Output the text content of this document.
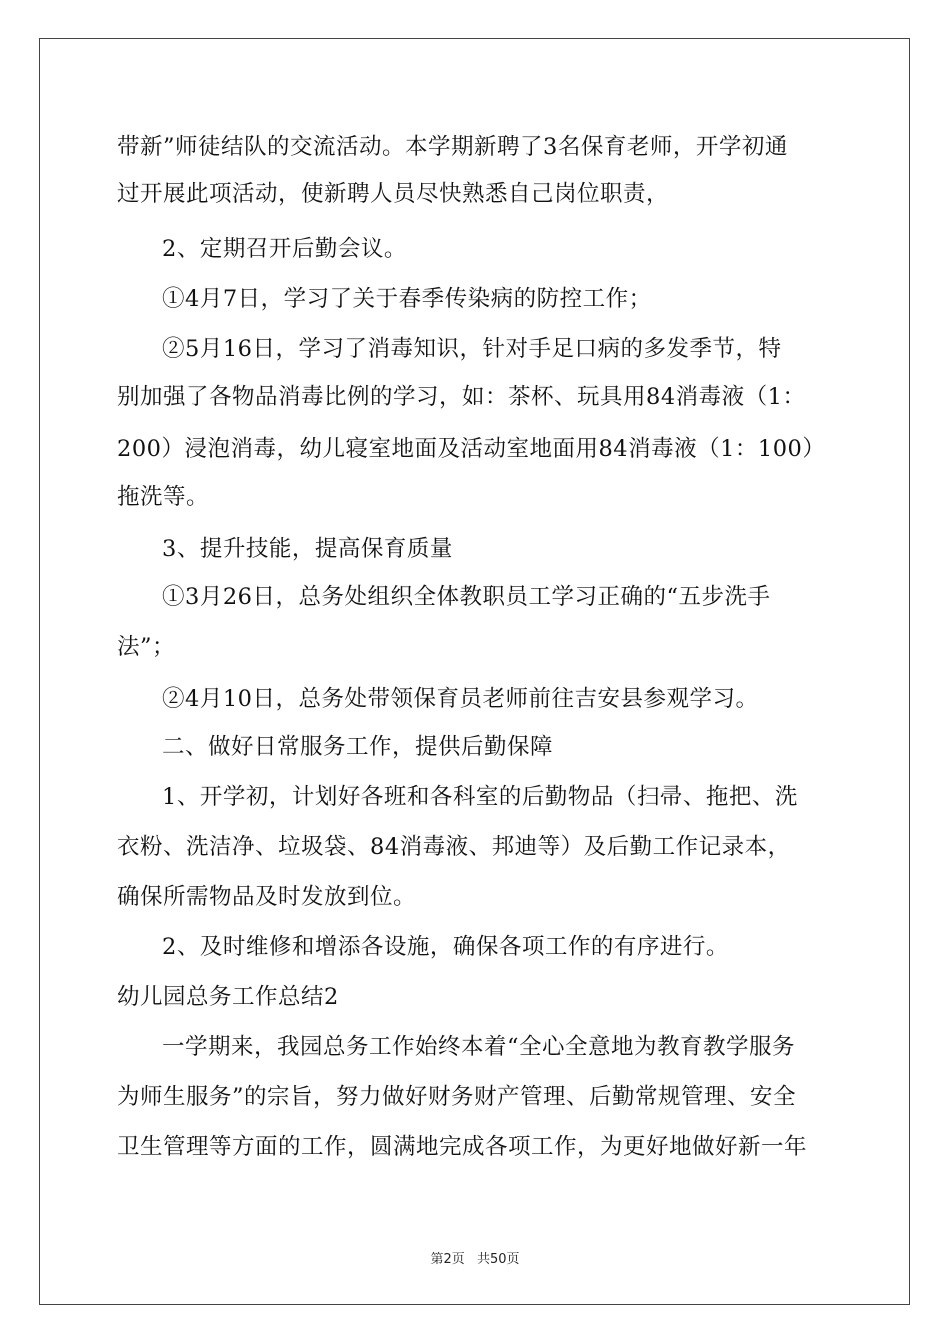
带新”师徒结队的交流活动。本学期新聘了3名保育老师，开学初通
过开展此项活动，使新聘人员尽快熟悉自己岗位职责，
2、定期召开后勤会议。
①4月7日，学习了关于春季传染病的防控工作；
②5月16日，学习了消毒知识，针对手足口病的多发季节，特
别加强了各物品消毒比例的学习，如：茶杯、玩具用84消毒液（1：
200）浸泡消毒，幼儿寝室地面及活动室地面用84消毒液（1：100）
拖洗等。
3、提升技能，提高保育质量
①3月26日，总务处组织全体教职员工学习正确的“五步洗手
法”；
②4月10日，总务处带领保育员老师前往吉安县参观学习。
二、做好日常服务工作，提供后勤保障
1、开学初，计划好各班和各科室的后勤物品（扫帚、拖把、洗
衣粉、洗洁净、垃圾袋、84消毒液、邦迪等）及后勤工作记录本，
确保所需物品及时发放到位。
2、及时维修和增添各设施，确保各项工作的有序进行。
幼儿园总务工作总结2
一学期来，我园总务工作始终本着“全心全意地为教育教学服务
为师生服务”的宗旨，努力做好财务财产管理、后勤常规管理、安全
卫生管理等方面的工作，圆满地完成各项工作，为更好地做好新一年
第2页 共50页
